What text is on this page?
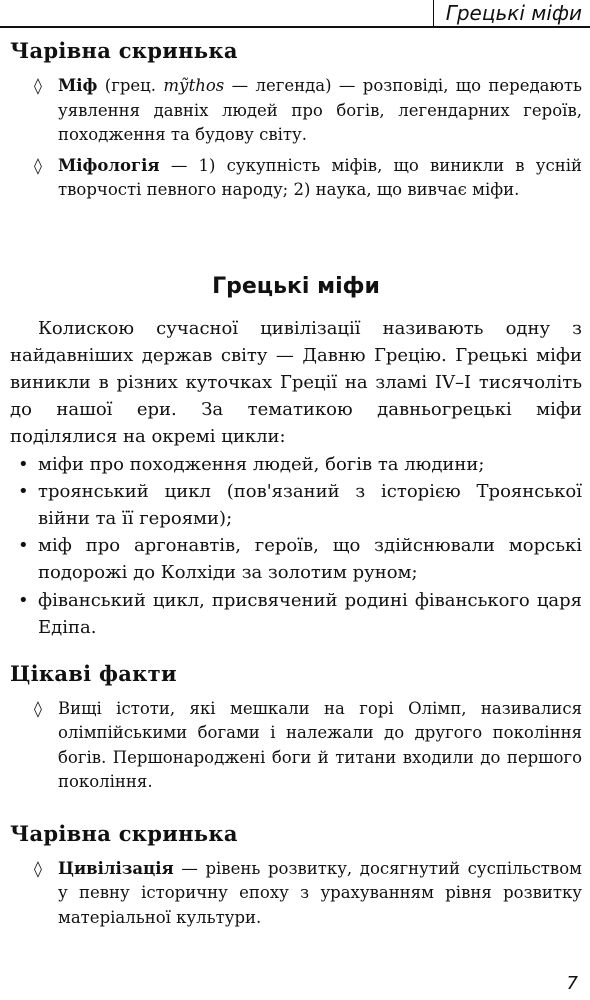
Грецькі міфи
Чарівна скринька
◊ Міф (грец. mу̃thos — легенда) — розповіді, що передають уявлення давніх людей про богів, легендарних героїв, походження та будову світу.
◊ Міфологія — 1) сукупність міфів, що виникли в усній творчості певного народу; 2) наука, що вивчає міфи.
Грецькі міфи

Колискою сучасної цивілізації називають одну з найдавніших держав світу — Давню Грецію. Грецькі міфи виникли в різних куточках Греції на зламі IV–I тисячоліть до нашої ери. За тематикою давньогрецькі міфи поділялися на окремі цикли:

• міфи про походження людей, богів та людини;
• троянський цикл (пов'язаний з історією Троянської війни та її героями);
• міф про аргонавтів, героїв, що здійснювали морські подорожі до Колхіди за золотим руном;
• фіванський цикл, присвячений родині фіванського царя Едіпа.
Цікаві факти
◊ Вищі істоти, які мешкали на горі Олімп, називалися олімпійськими богами і належали до другого покоління богів. Першонароджені боги й титани входили до першого покоління.
Чарівна скринька
◊ Цивілізація — рівень розвитку, досягнутий суспільством у певну історичну епоху з урахуванням рівня розвитку матеріальної культури.
7
